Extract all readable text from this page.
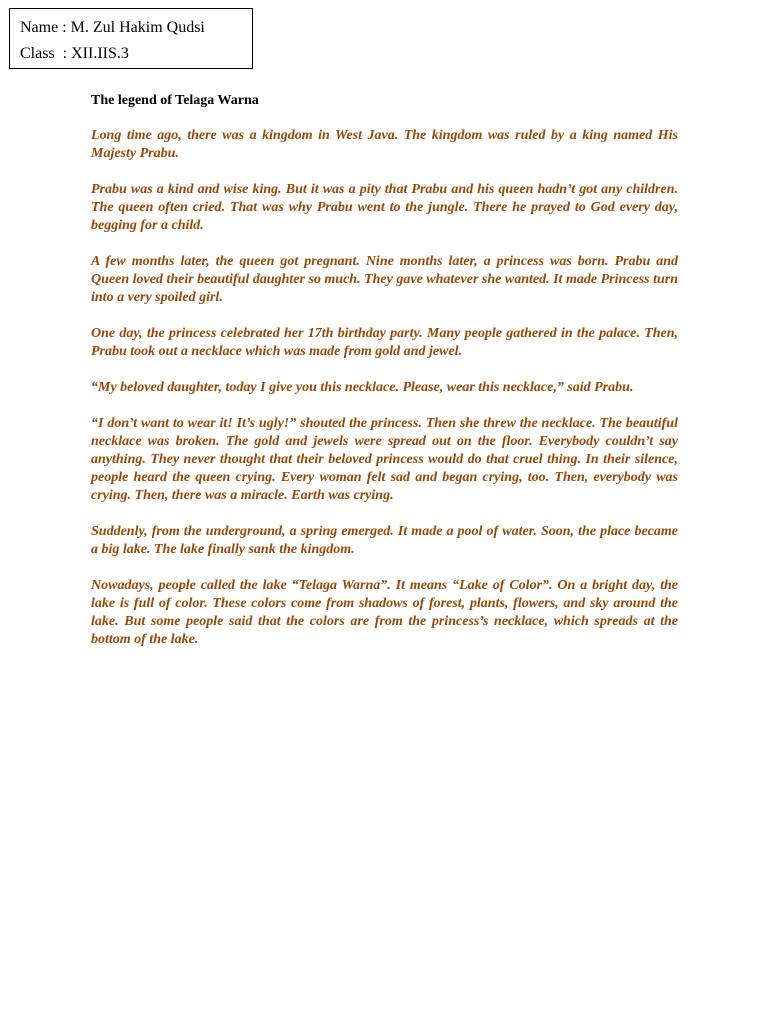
Name : M. Zul Hakim Qudsi
Class  : XII.IIS.3

The legend of Telaga Warna

Long time ago, there was a kingdom in West Java. The kingdom was ruled by a king named His Majesty Prabu.

Prabu was a kind and wise king. But it was a pity that Prabu and his queen hadn’t got any children. The queen often cried. That was why Prabu went to the jungle. There he prayed to God every day, begging for a child.

A few months later, the queen got pregnant. Nine months later, a princess was born. Prabu and Queen loved their beautiful daughter so much. They gave whatever she wanted. It made Princess turn into a very spoiled girl.

One day, the princess celebrated her 17th birthday party. Many people gathered in the palace. Then, Prabu took out a necklace which was made from gold and jewel.

“My beloved daughter, today I give you this necklace. Please, wear this necklace,” said Prabu.

“I don’t want to wear it! It’s ugly!” shouted the princess. Then she threw the necklace. The beautiful necklace was broken. The gold and jewels were spread out on the floor. Everybody couldn’t say anything. They never thought that their beloved princess would do that cruel thing. In their silence, people heard the queen crying. Every woman felt sad and began crying, too. Then, everybody was crying. Then, there was a miracle. Earth was crying.

Suddenly, from the underground, a spring emerged. It made a pool of water. Soon, the place became a big lake. The lake finally sank the kingdom.

Nowadays, people called the lake “Telaga Warna”. It means “Lake of Color”. On a bright day, the lake is full of color. These colors come from shadows of forest, plants, flowers, and sky around the lake. But some people said that the colors are from the princess’s necklace, which spreads at the bottom of the lake.
